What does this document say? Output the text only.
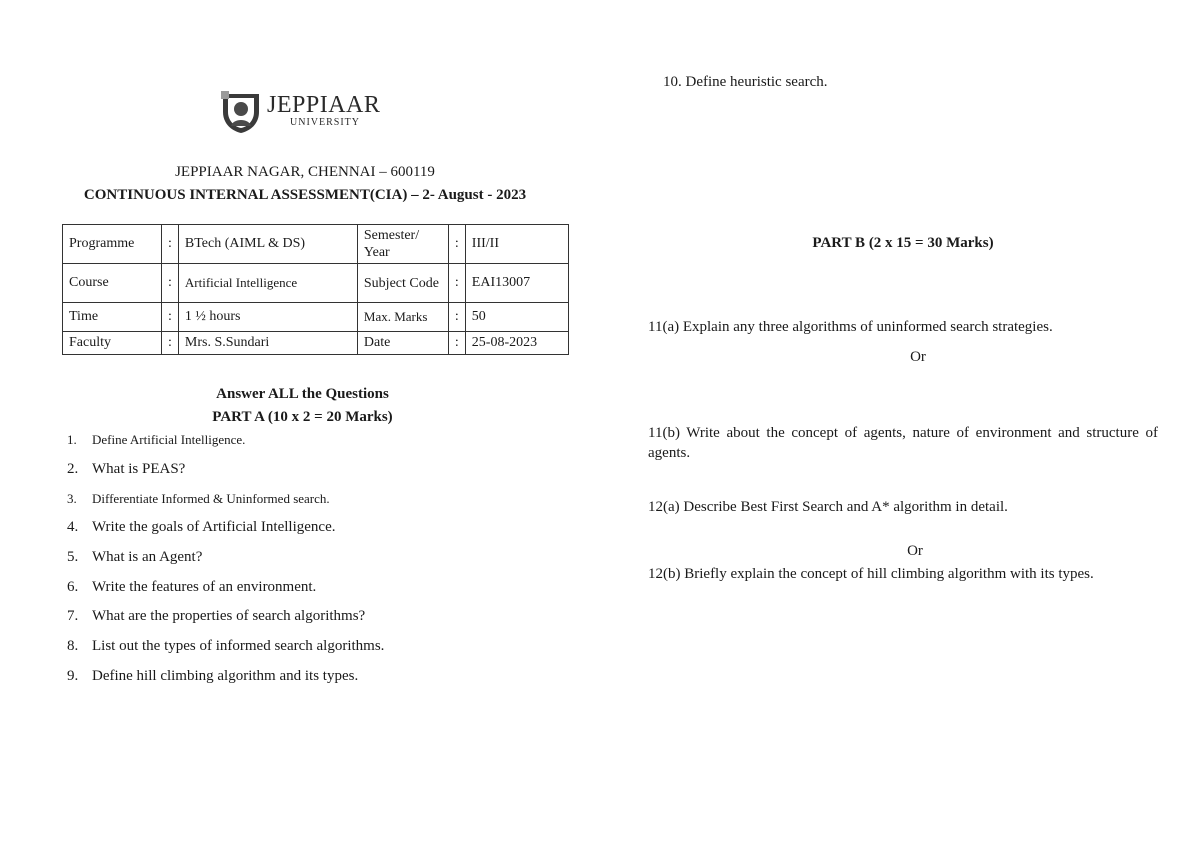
JEPPIAAR
UNIVERSITY
JEPPIAAR NAGAR, CHENNAI – 600119
CONTINUOUS INTERNAL ASSESSMENT(CIA) – 2- August - 2023
Programme	:	BTech (AIML & DS)	Semester/ Year	:	III/II
Course	:	Artificial Intelligence	Subject Code	:	EAI13007
Time	:	1 ½ hours	Max. Marks	:	50
Faculty	:	Mrs. S.Sundari	Date	:	25-08-2023
Answer ALL the Questions
PART A (10 x 2 = 20 Marks)
1. Define Artificial Intelligence.
2. What is PEAS?
3. Differentiate Informed & Uninformed search.
4. Write the goals of Artificial Intelligence.
5. What is an Agent?
6. Write the features of an environment.
7. What are the properties of search algorithms?
8. List out the types of informed search algorithms.
9. Define hill climbing algorithm and its types.
10. Define heuristic search.
PART B (2 x 15 = 30 Marks)
11(a) Explain any three algorithms of uninformed search strategies.
Or
11(b) Write about the concept of agents, nature of environment and structure of agents.
12(a) Describe Best First Search and A* algorithm in detail.
Or
12(b) Briefly explain the concept of hill climbing algorithm with its types.
